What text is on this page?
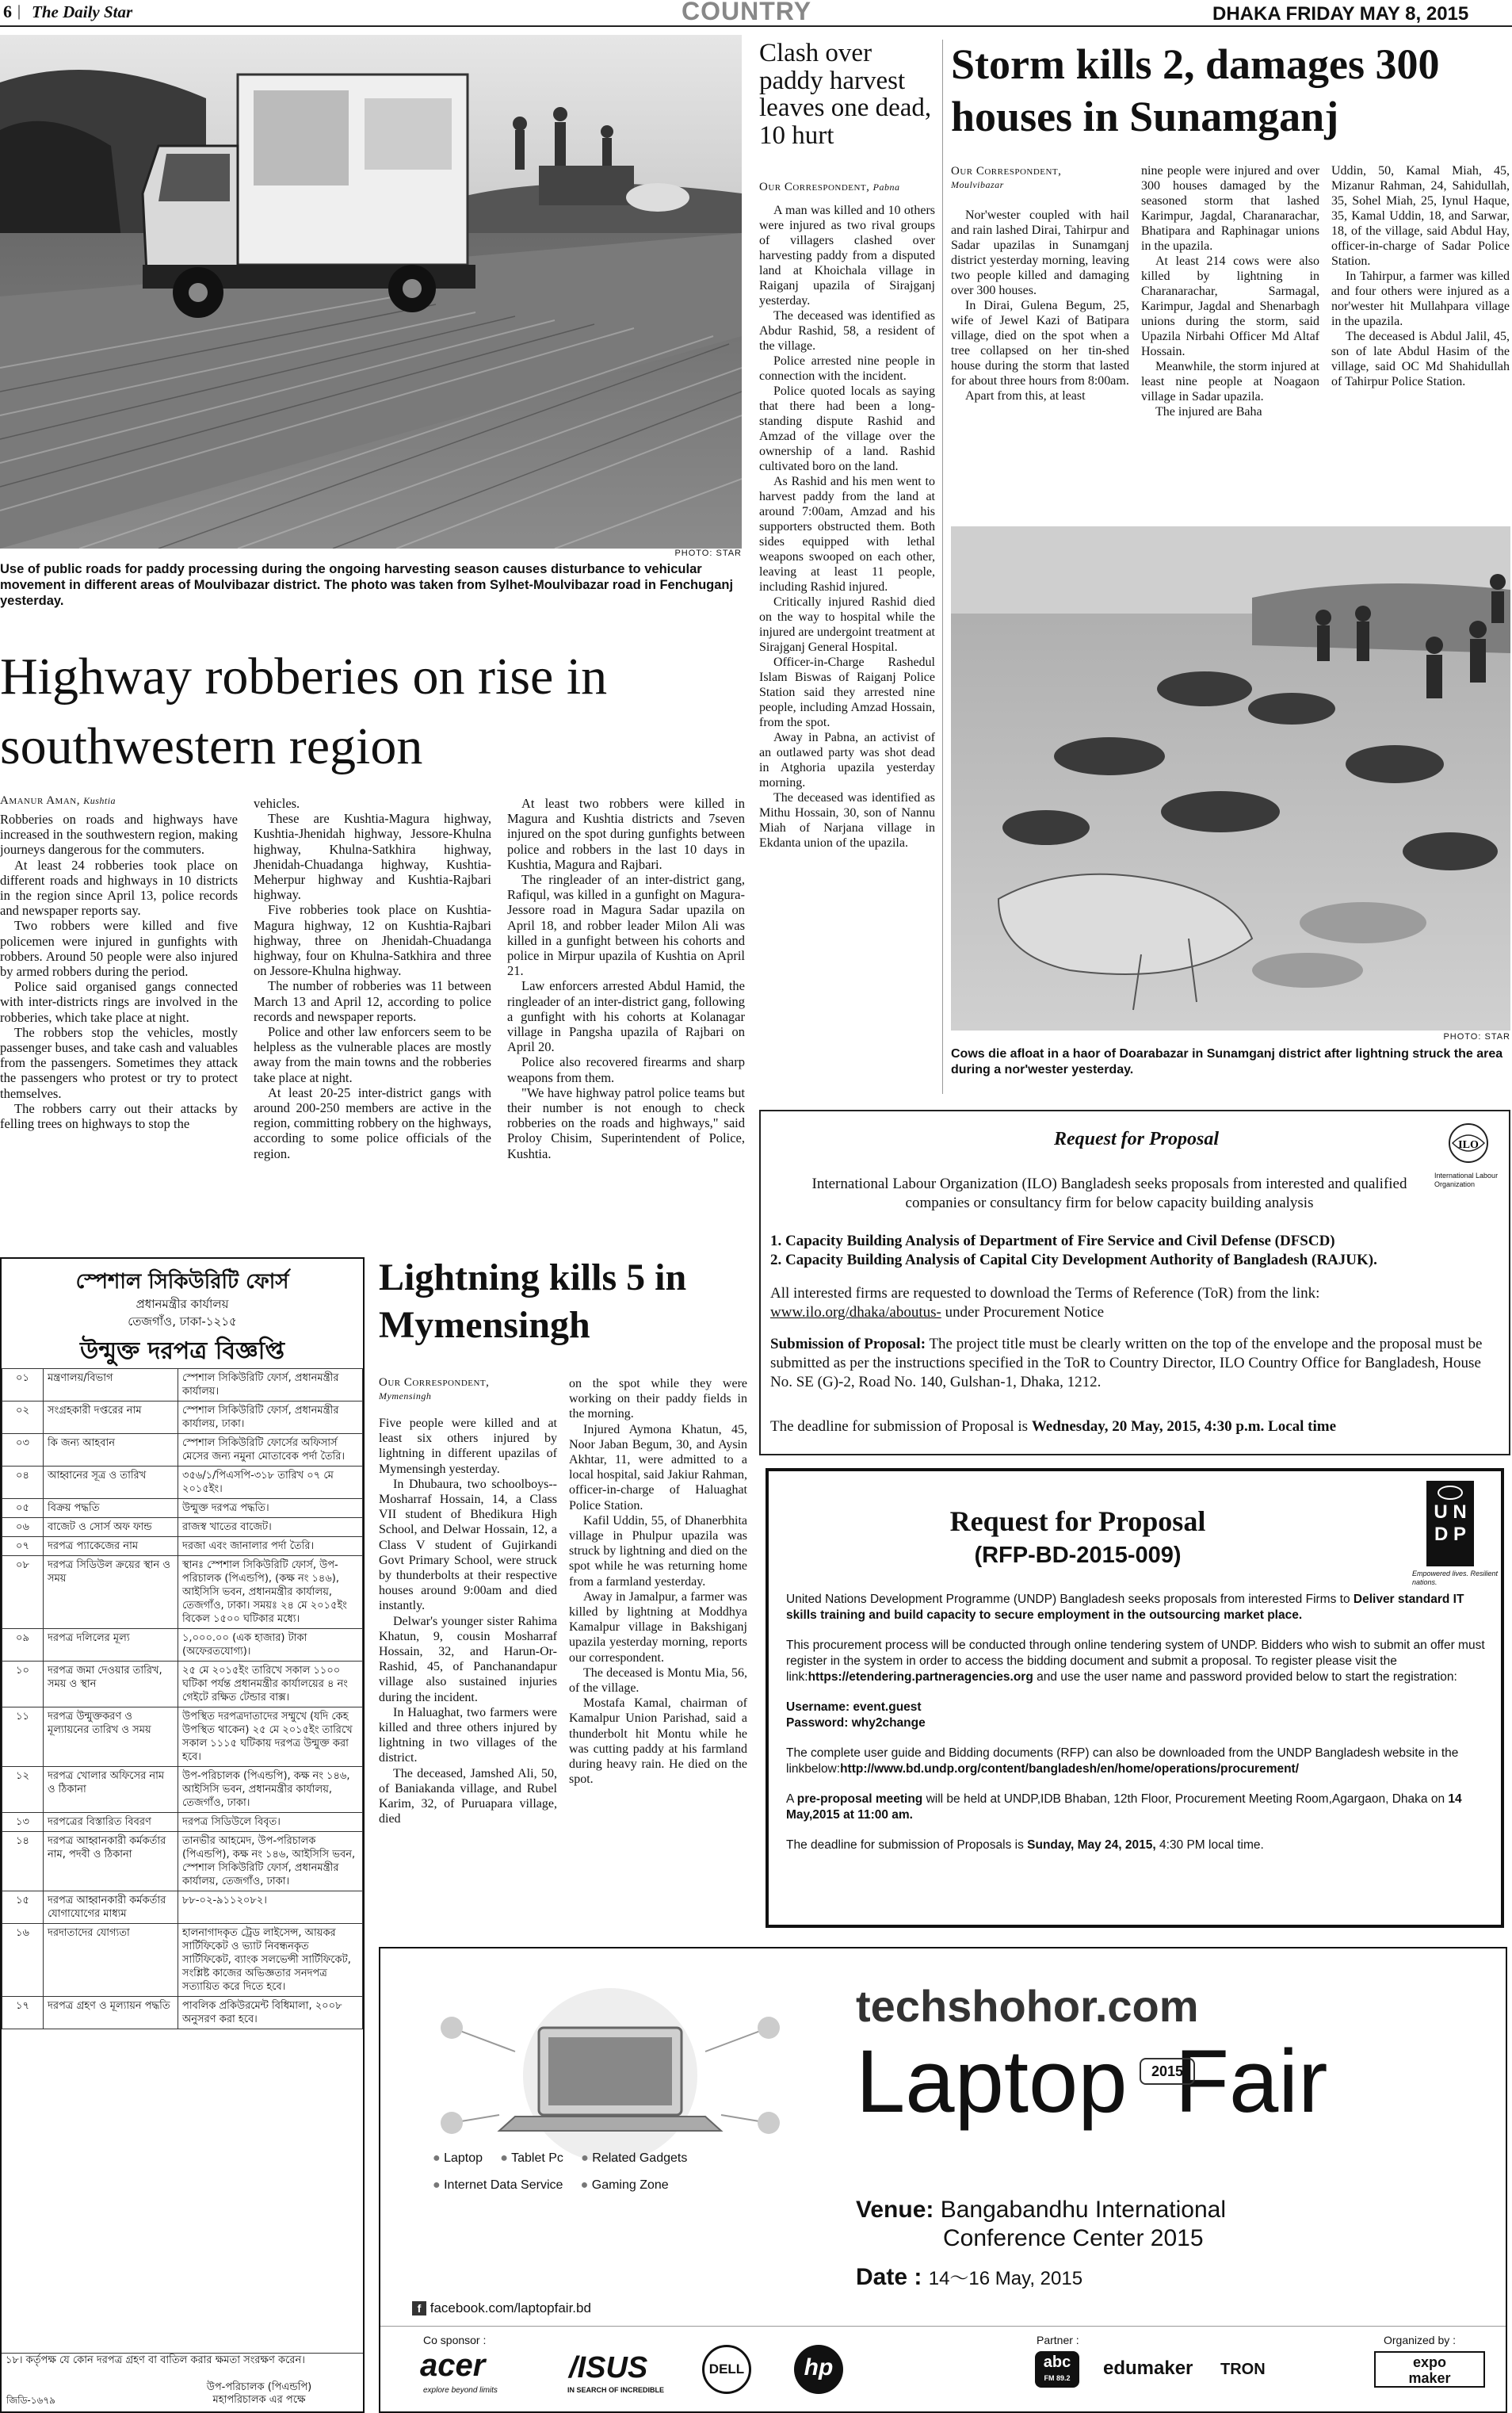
6 | The Daily Star	COUNTRY	DHAKA FRIDAY MAY 8, 2015
PHOTO: STAR
Use of public roads for paddy processing during the ongoing harvesting season causes disturbance to vehicular movement in different areas of Moulvibazar district. The photo was taken from Sylhet-Moulvibazar road in Fenchuganj yesterday.
Clash over paddy harvest leaves one dead, 10 hurt
Our Correspondent, Pabna

A man was killed and 10 others were injured as two rival groups of villagers clashed over harvesting paddy from a disputed land at Khoichala village in Raiganj upazila of Sirajganj yesterday.

The deceased was identified as Abdur Rashid, 58, a resident of the village.

Police arrested nine people in connection with the incident.

Police quoted locals as saying that there had been a long-standing dispute Rashid and Amzad of the village over the ownership of a land. Rashid cultivated boro on the land.

As Rashid and his men went to harvest paddy from the land at around 7:00am, Amzad and his supporters obstructed them. Both sides equipped with lethal weapons swooped on each other, leaving at least 11 people, including Rashid injured.

Critically injured Rashid died on the way to hospital while the injured are undergoint treatment at Sirajganj General Hospital.

Officer-in-Charge Rashedul Islam Biswas of Raiganj Police Station said they arrested nine people, including Amzad Hossain, from the spot.

Away in Pabna, an activist of an outlawed party was shot dead in Atghoria upazila yesterday morning.

The deceased was identified as Mithu Hossain, 30, son of Nannu Miah of Narjana village in Ekdanta union of the upazila.

Storm kills 2, damages 300 houses in Sunamganj
Our Correspondent,
Moulvibazar

Nor'wester coupled with hail and rain lashed Dirai, Tahirpur and Sadar upazilas in Sunamganj district yesterday morning, leaving two people killed and damaging over 300 houses.

In Dirai, Gulena Begum, 25, wife of Jewel Kazi of Batipara village, died on the spot when a tree collapsed on her tin-shed house during the storm that lasted for about three hours from 8:00am.

Apart from this, at least

nine people were injured and over 300 houses damaged by the seasoned storm that lashed Karimpur, Jagdal, Charanarachar, Bhatipara and Raphinagar unions in the upazila.

At least 214 cows were also killed by lightning in Charanarachar, Sarmagal, Karimpur, Jagdal and Shenarbagh unions during the storm, said Upazila Nirbahi Officer Md Altaf Hossain.

Meanwhile, the storm injured at least nine people at Noagaon village in Sadar upazila.

The injured are Baha

Uddin, 50, Kamal Miah, 45, Mizanur Rahman, 24, Sahidullah, 35, Sohel Miah, 25, Iynul Haque, 35, Kamal Uddin, 18, and Sarwar, 18, of the village, said Abdul Hay, officer-in-charge of Sadar Police Station.

In Tahirpur, a farmer was killed and four others were injured as a nor'wester hit Mullahpara village in the upazila.

The deceased is Abdul Jalil, 45, son of late Abdul Hasim of the village, said OC Md Shahidullah of Tahirpur Police Station.

PHOTO: STAR
Cows die afloat in a haor of Doarabazar in Sunamganj district after lightning struck the area during a nor'wester yesterday.
Highway robberies on rise in southwestern region
Amanur Aman, Kushtia

Robberies on roads and highways have increased in the southwestern region, making journeys dangerous for the commuters.

At least 24 robberies took place on different roads and highways in 10 districts in the region since April 13, police records and newspaper reports say.

Two robbers were killed and five policemen were injured in gunfights with robbers. Around 50 people were also injured by armed robbers during the period.

Police said organised gangs connected with inter-districts rings are involved in the robberies, which take place at night.

The robbers stop the vehicles, mostly passenger buses, and take cash and valuables from the passengers. Sometimes they attack the passengers who protest or try to protect themselves.

The robbers carry out their attacks by felling trees on highways to stop the

vehicles.

These are Kushtia-Magura highway, Kushtia-Jhenidah highway, Jessore-Khulna highway, Khulna-Satkhira highway, Jhenidah-Chuadanga highway, Kushtia-Meherpur highway and Kushtia-Rajbari highway.

Five robberies took place on Kushtia-Magura highway, 12 on Kushtia-Rajbari highway, three on Jhenidah-Chuadanga highway, four on Khulna-Satkhira and three on Jessore-Khulna highway.

The number of robberies was 11 between March 13 and April 12, according to police records and newspaper reports.

Police and other law enforcers seem to be helpless as the vulnerable places are mostly away from the main towns and the robberies take place at night.

At least 20-25 inter-district gangs with around 200-250 members are active in the region, committing robbery on the highways, according to some police officials of the region.

At least two robbers were killed in Magura and Kushtia districts and 7seven injured on the spot during gunfights between police and robbers in the last 10 days in Kushtia, Magura and Rajbari.

The ringleader of an inter-district gang, Rafiqul, was killed in a gunfight on Magura-Jessore road in Magura Sadar upazila on April 18, and robber leader Milon Ali was killed in a gunfight between his cohorts and police in Mirpur upazila of Kushtia on April 21.

Law enforcers arrested Abdul Hamid, the ringleader of an inter-district gang, following a gunfight with his cohorts at Kolanagar village in Pangsha upazila of Rajbari on April 20.

Police also recovered firearms and sharp weapons from them.

"We have highway patrol police teams but their number is not enough to check robberies on the roads and highways," said Proloy Chisim, Superintendent of Police, Kushtia.

Request for Proposal	ILO
International Labour Organization
International Labour Organization (ILO) Bangladesh seeks proposals from interested and qualified companies or consultancy firm for below capacity building analysis
1. Capacity Building Analysis of Department of Fire Service and Civil Defense (DFSCD)
2. Capacity Building Analysis of Capital City Development Authority of Bangladesh (RAJUK).
All interested firms are requested to download the Terms of Reference (ToR) from the link:
www.ilo.org/dhaka/aboutus- under Procurement Notice
Submission of Proposal: The project title must be clearly written on the top of the envelope and the proposal must be submitted as per the instructions specified in the ToR to Country Director, ILO Country Office for Bangladesh, House No. SE (G)-2, Road No. 140, Gulshan-1, Dhaka, 1212.
The deadline for submission of Proposal is Wednesday, 20 May, 2015, 4:30 p.m. Local time
Request for Proposal
(RFP-BD-2015-009)
U N
D P
Empowered lives. Resilient nations.
United Nations Development Programme (UNDP) Bangladesh seeks proposals from interested Firms to Deliver standard IT skills training and build capacity to secure employment in the outsourcing market place.
This procurement process will be conducted through online tendering system of UNDP. Bidders who wish to submit an offer must register in the system in order to access the bidding document and submit a proposal. To register please visit the link:https://etendering.partneragencies.org and use the user name and password provided below to start the registration:
Username: event.guest
Password: why2change
The complete user guide and Bidding documents (RFP) can also be downloaded from the UNDP Bangladesh website in the linkbelow:http://www.bd.undp.org/content/bangladesh/en/home/operations/procurement/
A pre-proposal meeting will be held at UNDP,IDB Bhaban, 12th Floor, Procurement Meeting Room,Agargaon, Dhaka on 14 May,2015 at 11:00 am.
The deadline for submission of Proposals is Sunday, May 24, 2015, 4:30 PM local time.
স্পেশাল সিকিউরিটি ফোর্স
প্রধানমন্ত্রীর কার্যালয়
তেজগাঁও, ঢাকা-১২১৫
উন্মুক্ত দরপত্র বিজ্ঞপ্তি
০১	মন্ত্রণালয়/বিভাগ	স্পেশাল সিকিউরিটি ফোর্স, প্রধানমন্ত্রীর কার্যালয়।
০২	সংগ্রহকারী দপ্তরের নাম	স্পেশাল সিকিউরিটি ফোর্স, প্রধানমন্ত্রীর কার্যালয়, ঢাকা।
০৩	কি জন্য আহবান	স্পেশাল সিকিউরিটি ফোর্সের অফিসার্স মেসের জন্য নমুনা মোতাবেক পর্দা তৈরি।
০৪	আহ্বানের সূত্র ও তারিখ	৩৫৬/১/পিএসপি-৩১৮ তারিখ ০৭ মে ২০১৫ইং।
০৫	বিক্রয় পদ্ধতি	উন্মুক্ত দরপত্র পদ্ধতি।
০৬	বাজেট ও সোর্স অফ ফান্ড	রাজস্ব খাতের বাজেট।
০৭	দরপত্র প্যাকেজের নাম	দরজা এবং জানালার পর্দা তৈরি।
০৮	দরপত্র সিডিউল ক্রয়ের স্থান ও সময়	স্থানঃ স্পেশাল সিকিউরিটি ফোর্স, উপ-পরিচালক (পিএন্ডপি), (কক্ষ নং ১৪৬), আইসিসি ভবন, প্রধানমন্ত্রীর কার্যালয়, তেজগাঁও, ঢাকা। সময়ঃ ২৪ মে ২০১৫ইং বিকেল ১৫০০ ঘটিকার মধ্যে।
০৯	দরপত্র দলিলের মূল্য	১,০০০.০০ (এক হাজার) টাকা (অফেরতযোগ্য)।
১০	দরপত্র জমা দেওয়ার তারিখ, সময় ও স্থান	২৫ মে ২০১৫ইং তারিখে সকাল ১১০০ ঘটিকা পর্যন্ত প্রধানমন্ত্রীর কার্যালয়ের ৪ নং গেইটে রক্ষিত টেন্ডার বাক্স।
১১	দরপত্র উন্মুক্তকরণ ও মূল্যায়নের তারিখ ও সময়	উপস্থিত দরপত্রদাতাদের সম্মুখে (যদি কেহ উপস্থিত থাকেন) ২৫ মে ২০১৫ইং তারিখে সকাল ১১১৫ ঘটিকায় দরপত্র উন্মুক্ত করা হবে।
১২	দরপত্র খোলার অফিসের নাম ও ঠিকানা	উপ-পরিচালক (পিএন্ডপি), কক্ষ নং ১৪৬, আইসিসি ভবন, প্রধানমন্ত্রীর কার্যালয়, তেজগাঁও, ঢাকা।
১৩	দরপত্রের বিস্তারিত বিবরণ	দরপত্র সিডিউলে বিবৃত।
১৪	দরপত্র আহ্বানকারী কর্মকর্তার নাম, পদবী ও ঠিকানা	তানভীর আহমেদ, উপ-পরিচালক (পিএন্ডপি), কক্ষ নং ১৪৬, আইসিসি ভবন, স্পেশাল সিকিউরিটি ফোর্স, প্রধানমন্ত্রীর কার্যালয়, তেজগাঁও, ঢাকা।
১৫	দরপত্র আহ্বানকারী কর্মকর্তার যোগাযোগের মাধ্যম	৮৮-০২-৯১১২০৮২।
১৬	দরদাতাদের যোগ্যতা	হালনাগাদকৃত ট্রেড লাইসেন্স, আয়কর সার্টিফিকেট ও ভ্যাট নিবন্ধনকৃত সার্টিফিকেট, ব্যাংক সলভেন্সী সার্টিফিকেট, সংশ্লিষ্ট কাজের অভিজ্ঞতার সনদপত্র সত্যায়িত করে দিতে হবে।
১৭	দরপত্র গ্রহণ ও মূল্যায়ন পদ্ধতি	পাবলিক প্রকিউরমেন্ট বিধিমালা, ২০০৮ অনুসরণ করা হবে।
১৮। কর্তৃপক্ষ যে কোন দরপত্র গ্রহণ বা বাতিল করার ক্ষমতা সংরক্ষণ করেন।
উপ-পরিচালক (পিএন্ডপি)
মহাপরিচালক এর পক্ষে
জিডি-১৬৭৯
Lightning kills 5 in Mymensingh
Our Correspondent,
Mymensingh

Five people were killed and at least six others injured by lightning in different upazilas of Mymensingh yesterday.

In Dhubaura, two schoolboys-- Mosharraf Hossain, 14, a Class VII student of Bhedikura High School, and Delwar Hossain, 12, a Class V student of Gujirkandi Govt Primary School, were struck by thunderbolts at their respective houses around 9:00am and died instantly.

Delwar's younger sister Rahima Khatun, 9, cousin Mosharraf Hossain, 32, and Harun-Or-Rashid, 45, of Panchanandapur village also sustained injuries during the incident.

In Haluaghat, two farmers were killed and three others injured by lightning in two villages of the district.

The deceased, Jamshed Ali, 50, of Baniakanda village, and Rubel Karim, 32, of Puruapara village, died

on the spot while they were working on their paddy fields in the morning.

Injured Aymona Khatun, 45, Noor Jaban Begum, 30, and Aysin Akhtar, 11, were admitted to a local hospital, said Jakiur Rahman, officer-in-charge of Haluaghat Police Station.

Kafil Uddin, 55, of Dhanerbhita village in Phulpur upazila was struck by lightning and died on the spot while he was returning home from a farmland yesterday.

Away in Jamalpur, a farmer was killed by lightning at Moddhya Kamalpur village in Bakshiganj upazila yesterday morning, reports our correspondent.

The deceased is Montu Mia, 56, of the village.

Mostafa Kamal, chairman of Kamalpur Union Parishad, said a thunderbolt hit Montu while he was cutting paddy at his farmland during heavy rain. He died on the spot.

● Laptop ● Tablet Pc ● Related Gadgets
● Internet Data Service ● Gaming Zone
techshohor.com
Laptop Fair
2015
Venue: Bangabandhu International
Conference Center 2015
Date : 14～16 May, 2015
f facebook.com/laptopfair.bd
Co sponsor :
acer
explore beyond limits
/ISUS
IN SEARCH OF INCREDIBLE
DELL	hp
Partner :
abc
FM 89.2	edumaker TRON
Organized by :
expo
maker
